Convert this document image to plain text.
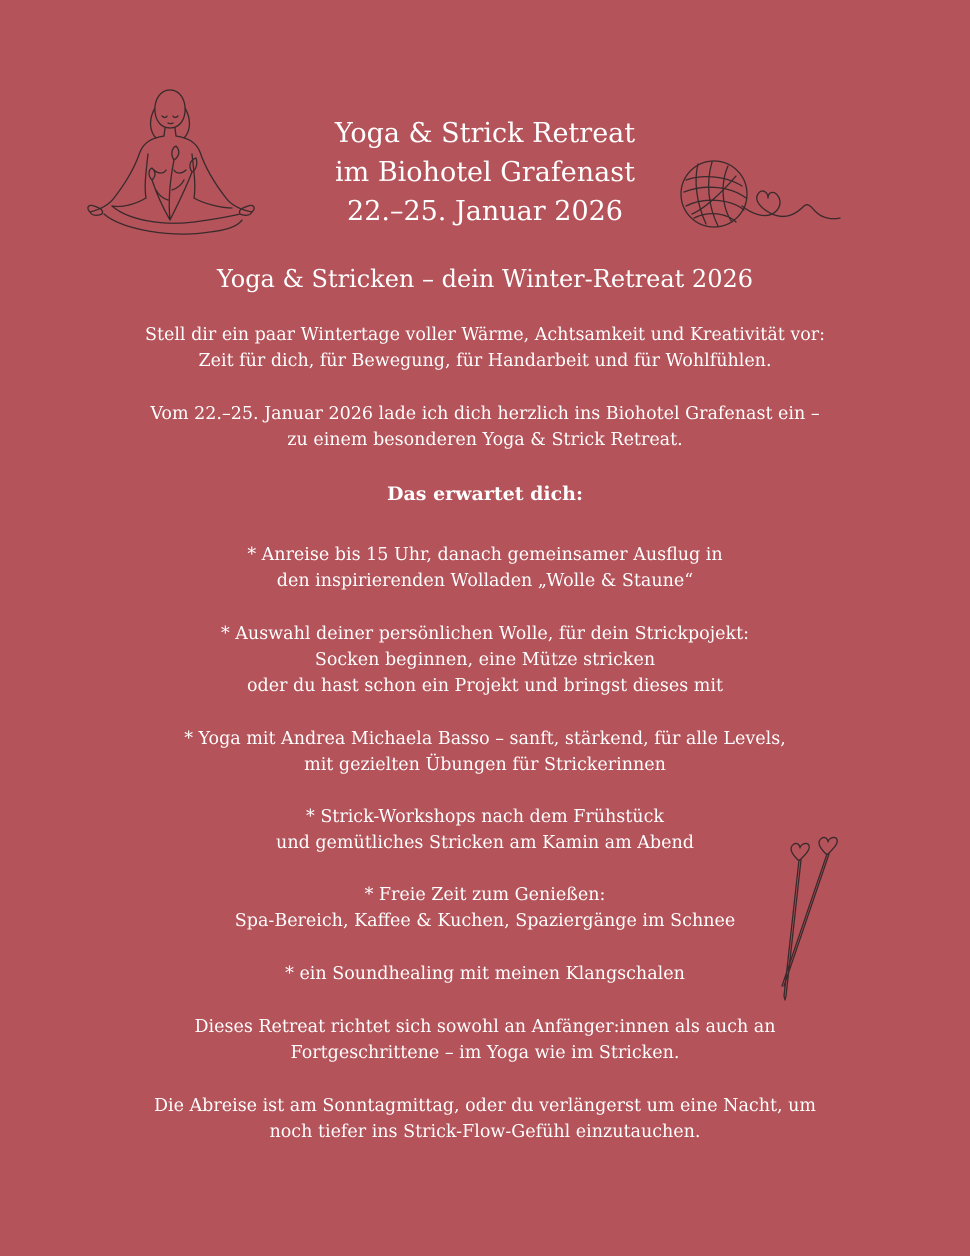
Yoga & Strick Retreat
im Biohotel Grafenast
22.–25. Januar 2026
Yoga & Stricken – dein Winter-Retreat 2026
Stell dir ein paar Wintertage voller Wärme, Achtsamkeit und Kreativität vor:
Zeit für dich, für Bewegung, für Handarbeit und für Wohlfühlen.
Vom 22.–25. Januar 2026 lade ich dich herzlich ins Biohotel Grafenast ein –
zu einem besonderen Yoga & Strick Retreat.
Das erwartet dich:
* Anreise bis 15 Uhr, danach gemeinsamer Ausflug in
den inspirierenden Wolladen „Wolle & Staune“
* Auswahl deiner persönlichen Wolle, für dein Strickpojekt:
Socken beginnen, eine Mütze stricken
oder du hast schon ein Projekt und bringst dieses mit
* Yoga mit Andrea Michaela Basso – sanft, stärkend, für alle Levels,
mit gezielten Übungen für Strickerinnen
* Strick-Workshops nach dem Frühstück
und gemütliches Stricken am Kamin am Abend
* Freie Zeit zum Genießen:
Spa-Bereich, Kaffee & Kuchen, Spaziergänge im Schnee
* ein Soundhealing mit meinen Klangschalen
Dieses Retreat richtet sich sowohl an Anfänger:innen als auch an
Fortgeschrittene – im Yoga wie im Stricken.
Die Abreise ist am Sonntagmittag, oder du verlängerst um eine Nacht, um
noch tiefer ins Strick-Flow-Gefühl einzutauchen.
